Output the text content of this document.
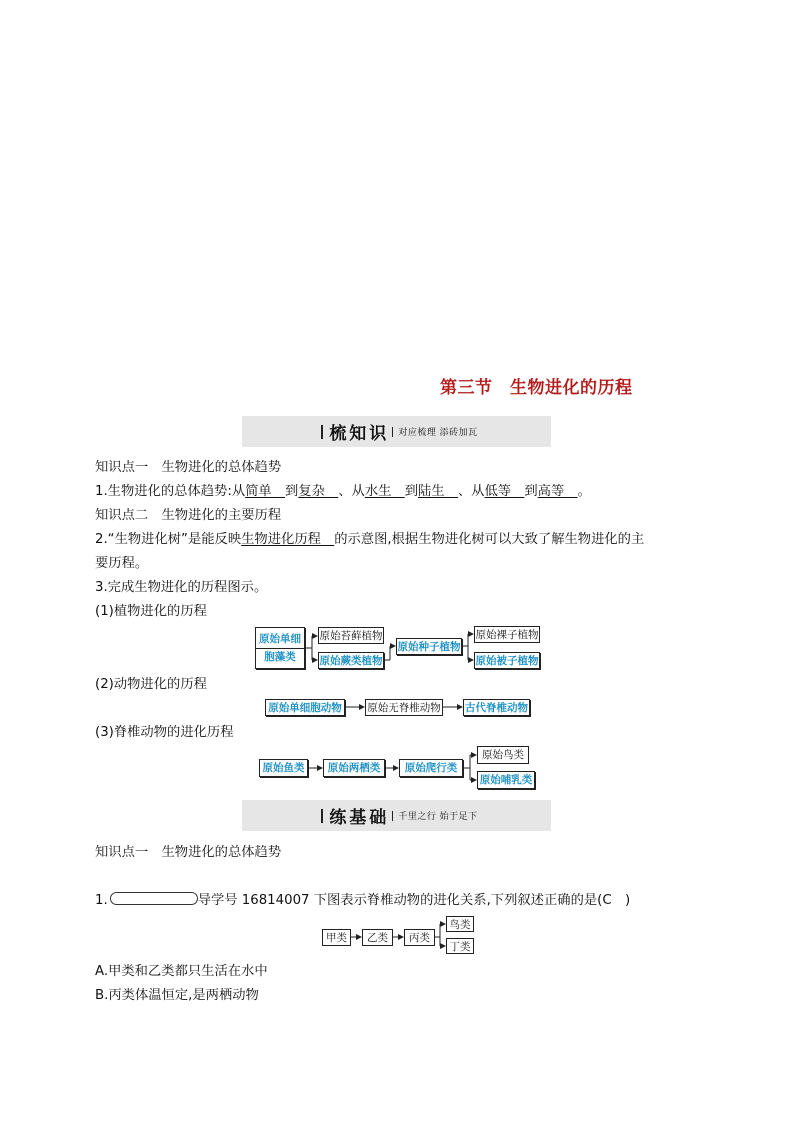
第三节　生物进化的历程
梳知识 对应梳理 添砖加瓦
知识点一　生物进化的总体趋势
1.生物进化的总体趋势:从简单　到复杂　、从水生　到陆生　、从低等　到高等　。
知识点二　生物进化的主要历程
2.“生物进化树”是能反映生物进化历程　的示意图,根据生物进化树可以大致了解生物进化的主
要历程。
3.完成生物进化的历程图示。
(1)植物进化的历程
原始单细

胞藻类
原始苔藓植物
原始蕨类植物
原始种子植物
原始裸子植物
原始被子植物
(2)动物进化的历程
原始单细胞动物	原始无脊椎动物 古代脊椎动物
(3)脊椎动物的进化历程
原始鱼类	原始两栖类	原始爬行类
原始鸟类
原始哺乳类
练基础 千里之行 始于足下
知识点一　生物进化的总体趋势
1.	导学号 16814007 下图表示脊椎动物的进化关系,下列叙述正确的是(C　)
甲类	乙类	丙类
鸟类
丁类
A.甲类和乙类都只生活在水中
B.丙类体温恒定,是两栖动物
